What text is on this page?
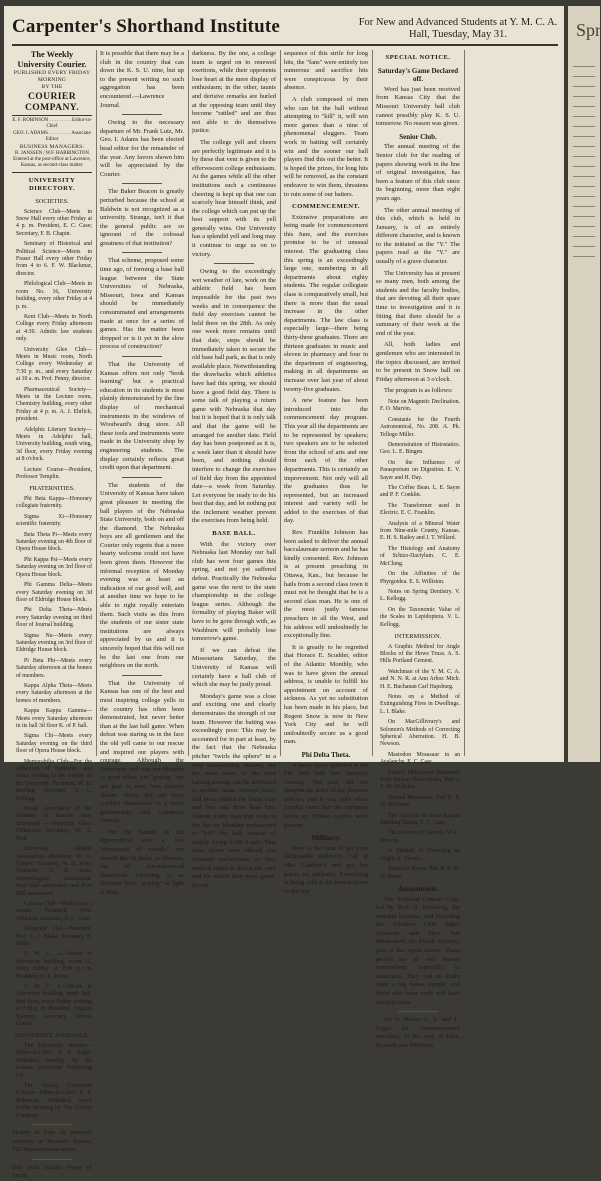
Carpenter's Shorthand Institute	For New and Advanced Students at Y. M. C. A.
Hall, Tuesday, May 31.
The Weekly University Courier.
PUBLISHED EVERY FRIDAY MORNING
BY THE
COURIER COMPANY.
E. F. ROBINSON . . . . . . . . . Editor-in-Chief
GEO. I. ADAMS . . . . . . . . . Associate Editor
BUSINESS MANAGERS:
R. JANSSEN | W.F. HARRINGTON
Entered at the post-office at Lawrence, Kansas, as second-class matter.
UNIVERSITY DIRECTORY.
SOCIETIES.

Science Club—Meets in Snow Hall every other Friday at 4 p. m. President, E. C. Case; Secretary, F. B. Chapin.

Seminary of Historical and Political Science—Meets in Fraser Hall every other Friday from 4 to 6. F. W. Blackmar, director.

Philological Club—Meets in room No. 16, University building, every other Friday at 4 p. m.

Kent Club—Meets in North College every Friday afternoon at 4:30. Admits law students only.

University Glee Club—Meets in Music room, North College every Wednesday at 7:30 p. m., and every Saturday at 10 a. m. Prof. Penny, director.

Pharmaceutical Society—Meets in the Lecture room, Chemistry building, every other Friday at 4 p. m. A. J. Ehrlich, president.

Adelphic Literary Society—Meets in Adelphic hall, University building, south wing, 3d floor, every Friday evening at 8 o'clock.

Lecture Course—President, Professor Templin.

FRATERNITIES.

Phi Beta Kappa—Honorary collegiate fraternity.

Sigma Xi—Honorary scientific fraternity.

Beta Theta Pi—Meets every Saturday evening on 4th floor of Opera House block.

Phi Kappa Psi—Meets every Saturday evening on 3rd floor of Opera House block.

Phi Gamma Delta—Meets every Saturday evening on 3d floor of Eldridge House block.

Phi Delta Theta—Meets every Saturday evening on third floor of Journal building.

Sigma Nu—Meets every Saturday evening on 3rd floor of Eldridge House block.

Pi Beta Phi—Meets every Saturday afternoon at the homes of members.

Kappa Alpha Theta—Meets every Saturday afternoon at the homes of members.

Kappa Kappa Gamma—Meets every Saturday afternoon in its hall 3d floor K. of P. hall.

Sigma Chi—Meets every Saturday evening on the third floor of Opera House block.

Memorabilia Club—For the collection of memories and relics relating to the history of the University. President, W. H. Sterling; Secretary, Y. L. Kellogg.

Oread Association of the Students of Kansas State University — President, Albert Fulkerson; Secretary, W. E. Park.

University Athletic Association—President, H. C. Cooper; Secretary, W. D. Ross; Treasurer, N. E. Kotz. Intercollegiate Association; Base Ball association and Foot Ball association.

Camera Club—Meets once a month. President, Prof. Williston; Secretary, E. C. Case.

Telegraph Club—President, Prof. L. I. Blake; Secretary, E. Bixby.

Y. M. C. A.—Meets in University building, room 11, every Friday at 7:00 p. m. President, D. E. Potter.

Y. W. C. A.—Meets in University building, north hall, first floor, every Friday evening at 7:00 p. m. President, Virginia Spencer; Secretary, Alberta Corbin.

UNIVERSITY JOURNALS.

The University Review—Editor-in-Chief, E. F. Engel. Published monthly by the Kansas University Publishing Co.

The Weekly University Courier—Editor-in-Chief, E. F. Robinson. Published every Friday morning by The Courier Company.

Money to loan on personal property at Passon's Bazaar, 723 Massachusetts street.

Buy your Sunday Paper of Smith.

It is possible that there may be a club in the country that can down the K. S. U. nine, but up to the present writing no such aggregation has been encountered.—Lawrence Journal.

Owing to the necessary departure of Mr. Frank Lutz, Mr. Geo. I. Adams has been elected head editor for the remainder of the year. Any favors shown him will be appreciated by the Courier.

The Baker Beacon is greatly perturbed because the school at Baldwin is not recognized as a university. Strange, isn't it that the general public are so ignorant of the colossal greatness of that institution?

That scheme, proposed some time ago, of forming a base ball league between the State Universities of Nebraska, Missouri, Iowa and Kansas should be immediately consummated and arrangements made at once for a series of games. Has the matter been dropped or is it yet in the slow process of construction?

That the University of Kansas offers not only "book learning" but a practical education in its students is most plainly demonstrated by the fine display of mechanical instruments in the windows of Woodward's drug store. All these tools and instruments were made in the University shop by engineering students. The display certainly reflects great credit upon that department.

The students of the University of Kansas have taken great pleasure in meeting the ball players of the Nebraska State University, both on and off the diamond. The Nebraska boys are all gentlemen and the Courier only regrets that a more hearty welcome could not have been given them. However the informal reception of Monday evening was at least an indication of our good will, and at another time we hope to be able to right royally entertain them. Such visits as this from the students of our sister state institutions are always appreciated by us and it is sincerely hoped that this will not be the last one from our neighbors on the north.

That the University of Kansas has one of the best and most inspiring college yells in the country has often been demonstrated, but never better than at the last ball game. When defeat was staring us in the face the old yell came to our rescue and inspired our players with courage. Although the University yell was not Monday so good offset, yet "gaying," we are glad to note, was entirely absent. Never did our boys conduct themselves in a more gentlemanly and courteous manner.

For the benefit of the hypercritical and a few "dispensers of morals," we should like to make as obvious, but oft misunderstood distinction. Cheering is as different from "gaying" as light is from

darkness. By the one, a college team is urged on to renewed exertions, while their opponents lose heart at the mere display of enthusiasm; in the other, taunts and derisive remarks are hurled at the opposing team until they become "rattled" and are thus not able to do themselves justice.

The college yell and cheers are perfectly legitimate and it is by these that vent is given to the effervescent college enthusiasm. At the games while all the other institutions such a continuous cheering is kept up that one can scarcely hear himself think, and the college which can put up the best support with its yell generally wins. Our University has a splendid yell and long may it continue to urge us on to victory.

Owing to the exceedingly wet weather of late, work on the athletic field has been impossible for the past two weeks and in consequence the field day exercises cannot be held there on the 28th. As only one week more remains until that date, steps should be immediately taken to secure the old base ball park, as that is only available place. Notwithstanding the drawbacks which athletics have had this spring, we should have a good field day. There is some talk of playing a return game with Nebraska that day but it is hoped that it is only talk and that the game will be arranged for another date. Field day has been postponed as it is, a week later than it should have been, and nothing should interfere to change the exercises of field day from the appointed date—a week from Saturday. Let everyone be ready to do his best that day, and let nothing put the inclement weather prevent the exercises from being held.

BASE BALL.

With the victory over Nebraska last Monday our ball club has won four games this spring, and not yet suffered defeat. Practically the Nebraska game was the next to the state championship in the college league series. Although the formality of playing Baker will have to be gone through with, as Washburn will probably lose tomorrow's game.

If we can defeat the Missourians Saturday, the University of Kansas will certainly have a ball club of which she may be justly proud.

Monday's game was a close and exciting one and clearly demonstrates the strength of our team. However the batting was exceedingly poor. This may be accounted for in part at least, by the fact that the Nebraska pitcher "twirls the sphere" in a very exasperating manner, but the main cause of the poor batting average can be attributed to another cause. Several prizes had been offered for home runs and two and three base hits. Almost every man that went to the bat on Monday endeavored to "kill" the ball, instead of simply trying to hit it safe. That these prizes were offered was certainly unfortunate, as they tend-ed rather to defeat the very end for which they were given. In con-

sequence of this strife for long hits, the "fans" were entirely too numerous and sacrifice hits were conspicuous by their absence.

A club composed of men who can hit the ball without attempting to "kill" it, will win more games than a nine of phenomenal sluggers. Team work in batting will certainly win and the sooner our ball players find this out the better. It is hoped the prizes, for long hits will be removed, as the constant endeavor to win them, threatens to ruin some of our batters.

COMMENCEMENT.

Extensive preparations are being made for commencement this June, and the exercises promise to be of unusual interest. The graduating class this spring is an exceedingly large one, numbering in all departments about eighty students. The regular collegiate class is comparatively small, but there is more than the usual increase in the other departments. The law class is especially large—there being thirty-three graduates. There are thirteen graduates in music and eleven in pharmacy and four in the department of engineering, making in all departments an increase over last year of about twenty-five graduates.

A new feature has been introduced into the commencement day program. This year all the departments are to be represented by speakers; two speakers are to be selected from the school of arts and one from each of the other departments. This is certainly an improvement. Not only will all the graduates thus be represented, but an increased interest and variety will be added to the exercises of that day.

Rev. Franklin Johnson has been asked to deliver the annual baccalaureate sermon and he has kindly consented. Rev. Johnson is at present preaching in Ottawa, Kan., but because he hails from a second class town it must not be thought that he is a second class man. He is one of the most justly famous preachers in all the West, and his address will undoubtedly be exceptionally fine.

It is greatly to be regretted that Horace E. Scudder, editor of the Atlantic Monthly, who was to have given the annual address, is unable to fulfill his appointment on account of sickness. As yet no substitution has been made in his place, but Regent Snow is now in New York City and he will undoubtedly secure us a good man.

Phi Delta Theta.

A merry party gathered in the Phi Delt hall last Saturday evening. The rain did not dampen the ardor of the pleasure seekers, and it was only when Sunday came that the company broke up. Fifteen couples were present.

Millinery.

Now is the time to get your fashionable millinery. Call at Mrs. Gardner's and get her prices on millinery. Everything is being sold at the lowest prices in the city.

SPECIAL NOTICE.
Saturday's Game Declared off.

Word has just been received from Kansas City that the Missouri University ball club cannot possibly play K. S. U. tomorrow. No reason was given.

Senior Club.

The annual meeting of the Senior club for the reading of papers showing work in the line of original investigation, has been a feature of this club since its beginning, more than eight years ago.

The other annual meeting of this club, which is held in January, is of an entirely different character, and is known to the initiated as the "Y." The papers read at the "Y." are usually of a grave character.

The University has at present so many men, both among the students and the faculty bodies, that are devoting all their spare time to investigation and it is fitting that there should be a summary of their work at the end of the year.

All, both ladies and gentlemen who are interested in the topics discussed, are invited to be present in Snow hall on Friday afternoon at 3 o'clock.

The program is as follows:

Note on Magnetic Declination. F. O. Marvin.

Constants for the Fourth Astronomical, No. 208. A. Ph. Tellogo Miller.

Demonstration of Histostatics. Geo. L. E. Bingen.

On the Influence of Parasporium on Digestion. E. V. Sayer and H. Day.

The Coffee Bean. L. E. Sayre and P. F. Conklin.

The Transformer used in Electric. E. C. Franklin.

Analysis of a Mineral Water from Nine-mile County, Kansas. E. H. S. Bailey and J. T. Willard.

The Histology and Anatomy of Schizo-Dactylum. C. E. McClung.

On the Affinities of the Phyrgoidea. E. S. Williston.

Notes on Spring Dentistry. V. L. Kellogg.

On the Taxonomic Value of the Scales in Lepidoptera. V. L. Kellogg.

INTERMISSION.

A Graphic Method for Angle Blocks of the Howe Truss. A. S. Hills Portland Cement.

Watchman of the Y. M. C. A. and N. N. R. at Ann Arbor. Mich. H. E. Buchanan Carl Hapsburg.

Notes on a Method of Extinguishing Fires in Dwellings. L. I. Blake.

On MacGillivrary's and Solomon's Methods of Correcting Spherical Aberration. H. B. Newson.

Mastodon Mosasaur in an Avalanche. E. C. Case.

Extinct Pleistocene Mammals from Kansas Pleurodonta, Part I. S. W. Williston.

Dermal Mesosaurs, Part II. S. W. Williston.

The Analysis of some Kansas Building Stones. E. C. Case.

The Dioceae of Geneva. W. C. Stevens.

A Method of Trisecting an Angle. A. Cassey.

Brazilian Snipes. Part II. E. W. W. Dunn.

Amusements.

The Schubert Concert Club, led by Prof. S. Kronberg, the eminent baritone, and including the Schubert Club ladies Quartette and Herr Van Maidenhall, the Polish violinist, play a the opera house. These people are all well known everywhere, especially to musicians. They will no doubt draw a big house tonight, and those who come early will have the best seats.

Go to Misses L. E. and L. Engel for commencement novelties, in the way of Hats, Bonnets and Millinery.

Spr
